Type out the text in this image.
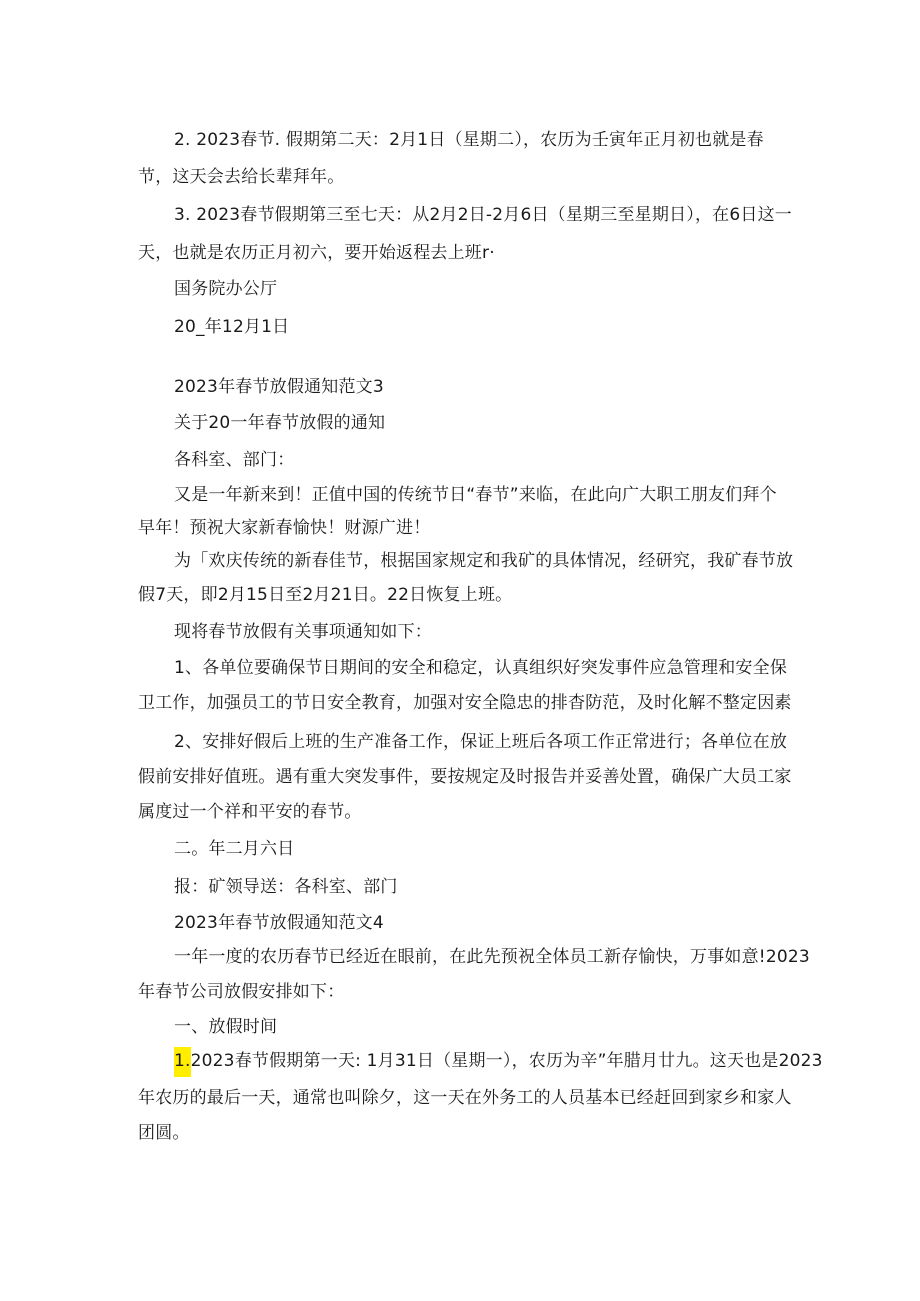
2. 2023春节. 假期第二天：2月1日（星期二），农历为壬寅年正月初也就是春
节，这天会去给长辈拜年。
3. 2023春节假期第三至七天：从2月2日-2月6日（星期三至星期日），在6日这一
天，也就是农历正月初六，要开始返程去上班r·
国务院办公厅
20_年12月1日
2023年春节放假通知范文3
关于20一年春节放假的通知
各科室、部门：
又是一年新来到！正值中国的传统节日“春节”来临，在此向广大职工朋友们拜个
早年！预祝大家新春愉快！财源广进！
为「欢庆传统的新春佳节，根据国家规定和我矿的具体情况，经研究，我矿春节放
假7天，即2月15日至2月21日。22日恢复上班。
现将春节放假有关事项通知如下：
1、各单位要确保节日期间的安全和稳定，认真组织好突发事件应急管理和安全保
卫工作，加强员工的节日安全教育，加强对安全隐忠的排杳防范，及时化解不整定因素
2、安排好假后上班的生产准备工作，保证上班后各项工作正常进行；各单位在放
假前安排好值班。遇有重大突发事件，要按规定及时报告并妥善处置，确保广大员工家
属度过一个祥和平安的春节。
二。年二月六日
报：矿领导送：各科室、部门
2023年春节放假通知范文4
一年一度的农历春节已经近在眼前，在此先预祝全体员工新存愉快，万事如意!2023
年春节公司放假安排如下：
一、放假时间
1.2023春节假期第一天: 1月31日（星期一），农历为辛”年腊月廿九。这天也是2023
年农历的最后一天，通常也叫除夕，这一天在外务工的人员基本已经赶回到家乡和家人
团圆。
